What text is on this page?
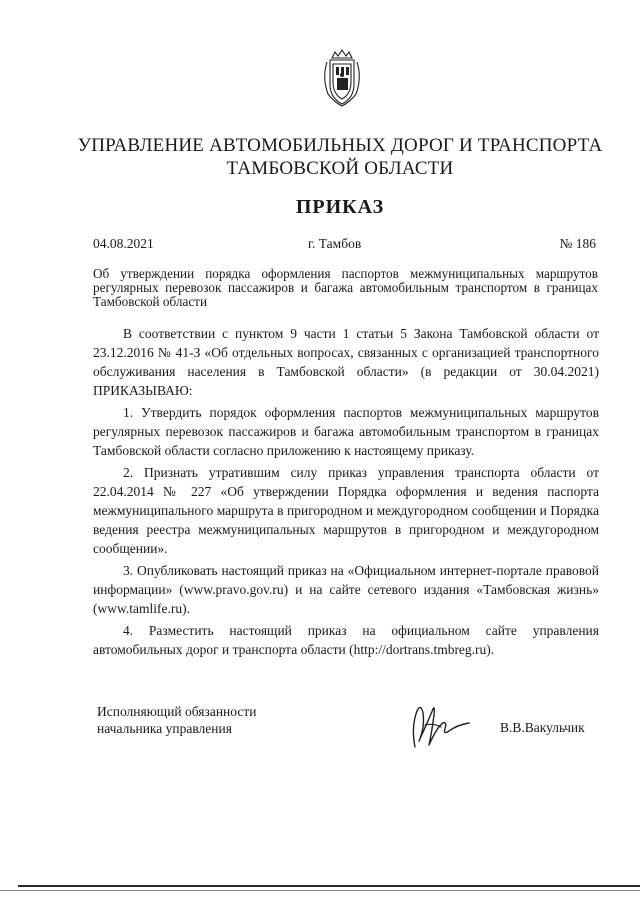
УПРАВЛЕНИЕ АВТОМОБИЛЬНЫХ ДОРОГ И ТРАНСПОРТА
ТАМБОВСКОЙ ОБЛАСТИ
ПРИКАЗ
04.08.2021	г. Тамбов	№ 186
Об утверждении порядка оформления паспортов межмуниципальных маршрутов регулярных перевозок пассажиров и багажа автомобильным транспортом в границах Тамбовской области

В соответствии с пунктом 9 части 1 статьи 5 Закона Тамбовской области от 23.12.2016 № 41-З «Об отдельных вопросах, связанных с организацией транспортного обслуживания населения в Тамбовской области» (в редакции от 30.04.2021) ПРИКАЗЫВАЮ:

1. Утвердить порядок оформления паспортов межмуниципальных маршрутов регулярных перевозок пассажиров и багажа автомобильным транспортом в границах Тамбовской области согласно приложению к настоящему приказу.

2. Признать утратившим силу приказ управления транспорта области от 22.04.2014 № 227 «Об утверждении Порядка оформления и ведения паспорта межмуниципального маршрута в пригородном и междугородном сообщении и Порядка ведения реестра межмуниципальных маршрутов в пригородном и междугородном сообщении».

3. Опубликовать настоящий приказ на «Официальном интернет-портале правовой информации» (www.pravo.gov.ru) и на сайте сетевого издания «Тамбовская жизнь» (www.tamlife.ru).

4. Разместить настоящий приказ на официальном сайте управления автомобильных дорог и транспорта области (http://dortrans.tmbreg.ru).

Исполняющий обязанности
начальника управления	В.В.Вакульчик
